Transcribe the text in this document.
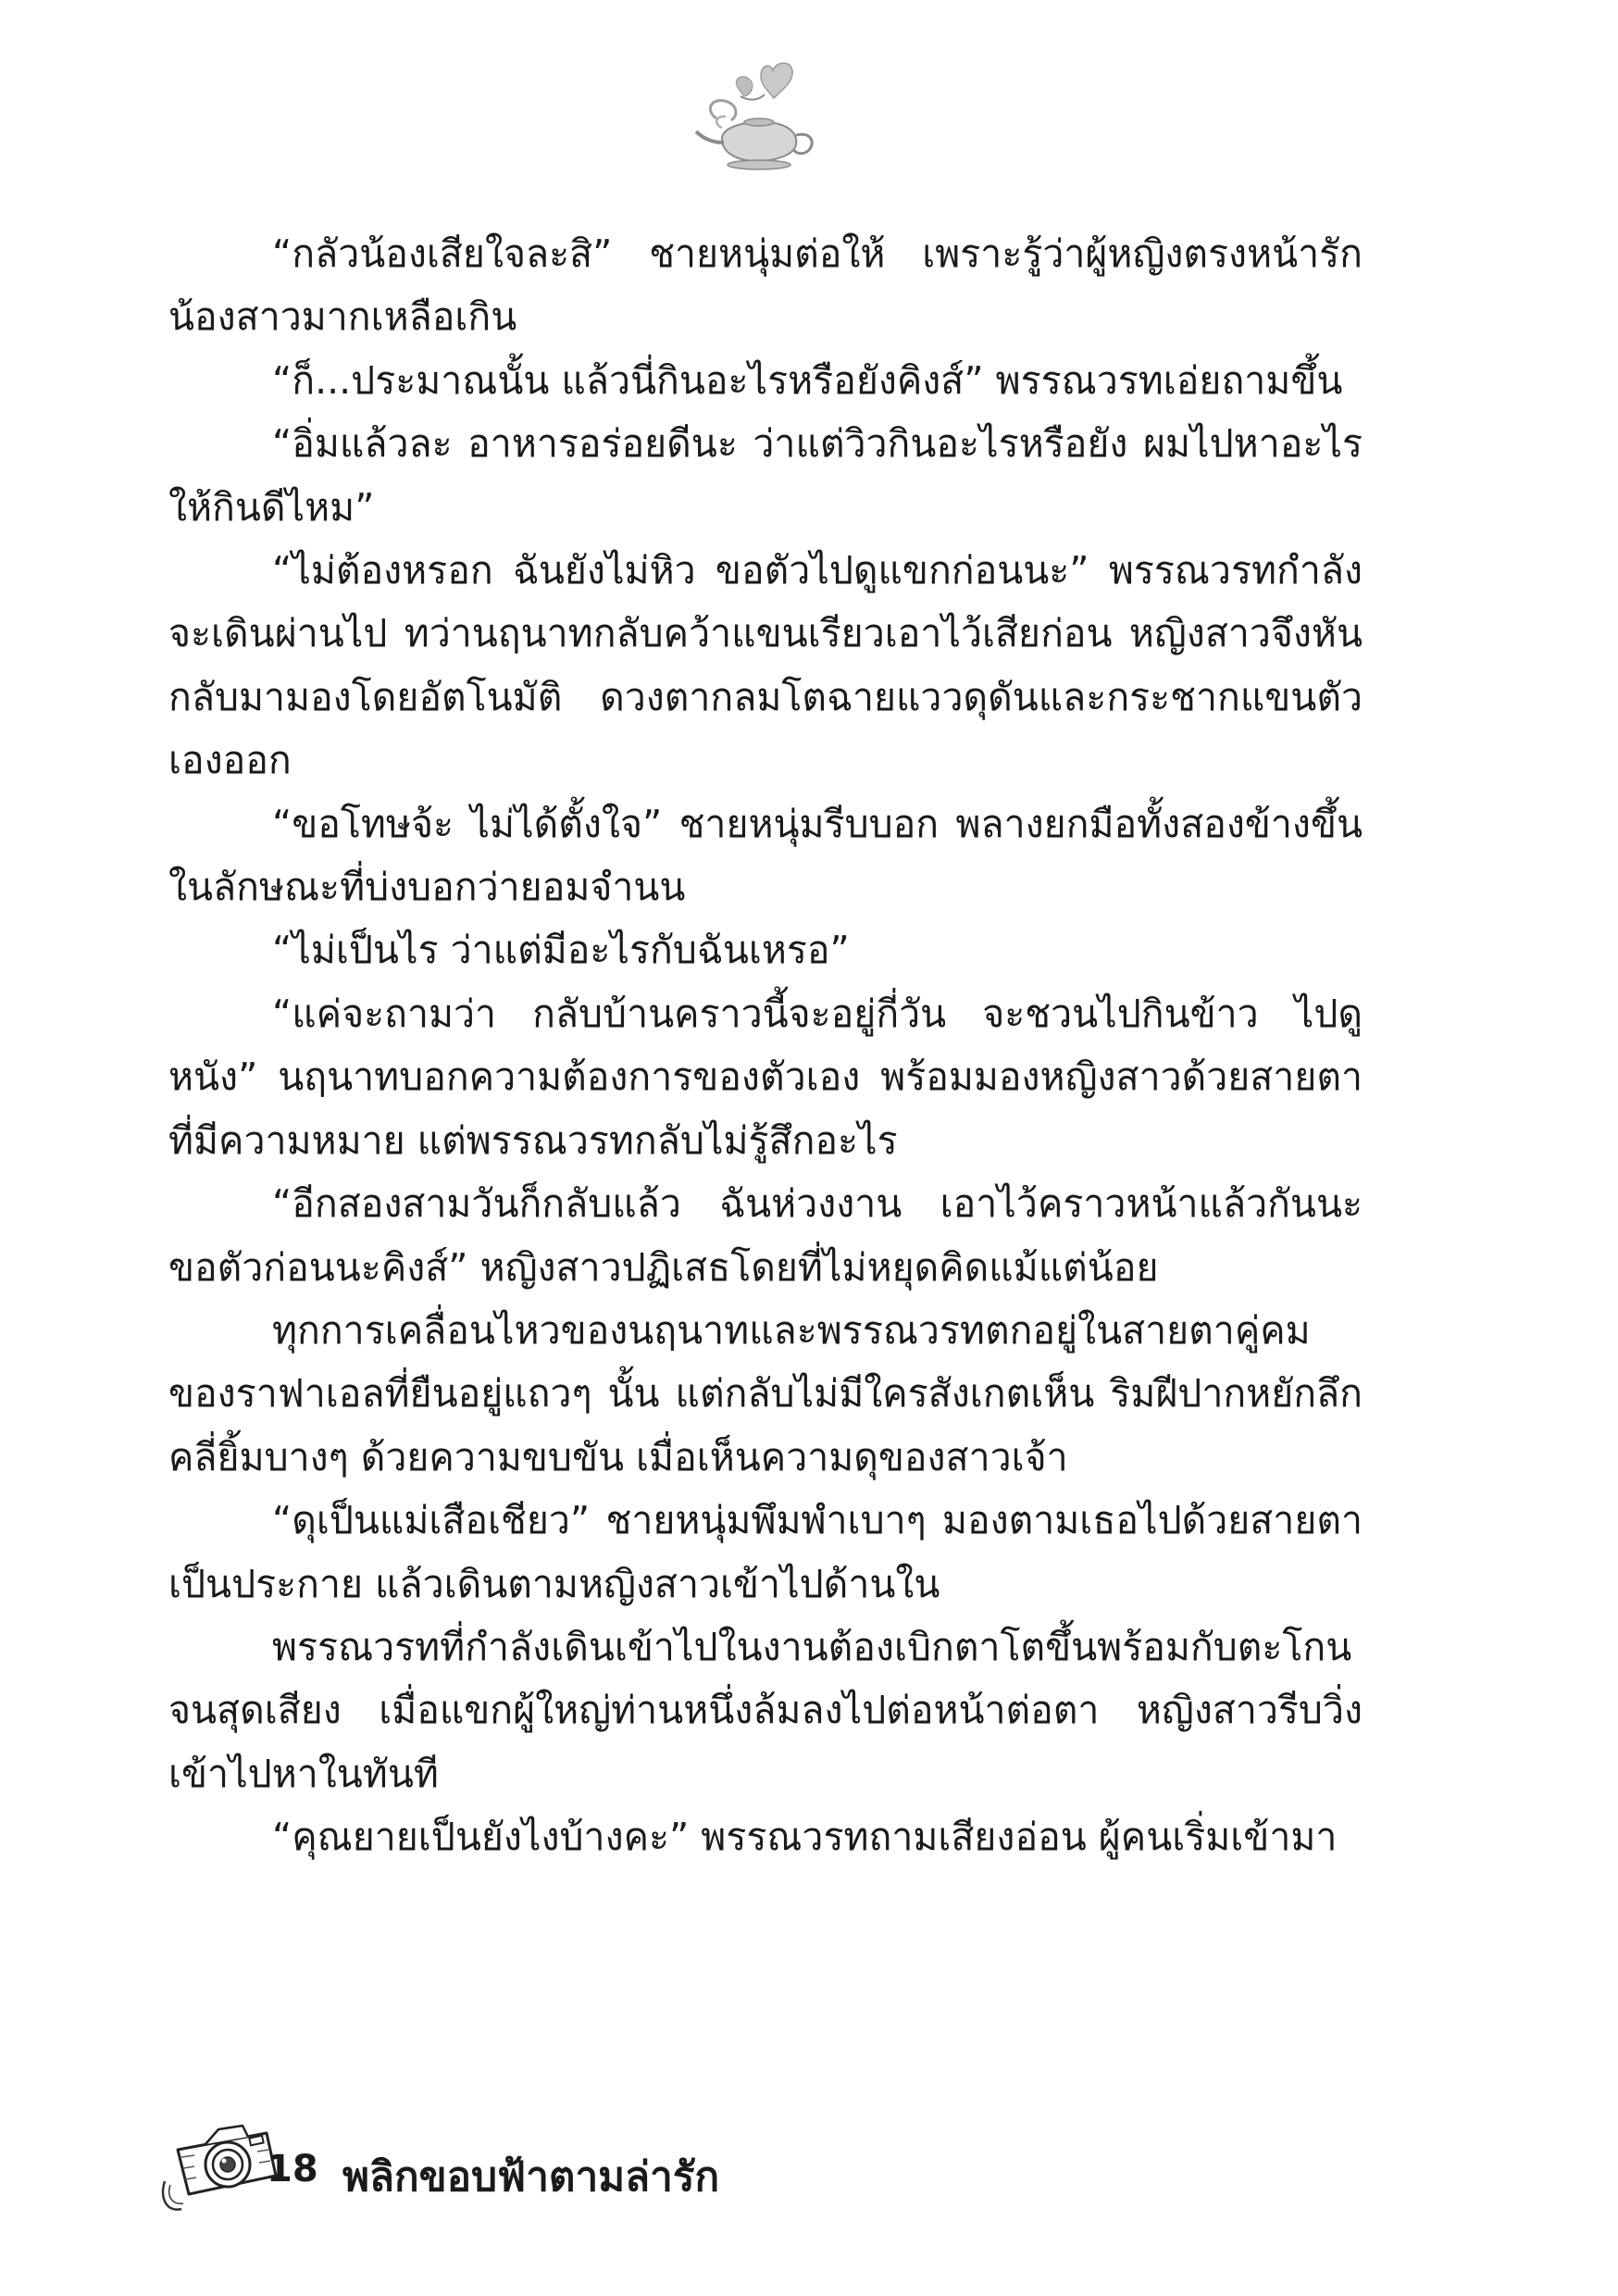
“กลัวน้องเสียใจละสิ” ชายหนุ่มต่อให้ เพราะรู้ว่าผู้หญิงตรงหน้ารักน้องสาวมากเหลือเกิน

“ก็...ประมาณนั้น แล้วนี่กินอะไรหรือยังคิงส์” พรรณวรทเอ่ยถามขึ้น

“อิ่มแล้วละ อาหารอร่อยดีนะ ว่าแต่วิวกินอะไรหรือยัง ผมไปหาอะไรให้กินดีไหม”

“ไม่ต้องหรอก ฉันยังไม่หิว ขอตัวไปดูแขกก่อนนะ” พรรณวรทกำลังจะเดินผ่านไป ทว่านฤนาทกลับคว้าแขนเรียวเอาไว้เสียก่อน หญิงสาวจึงหันกลับมามองโดยอัตโนมัติ ดวงตากลมโตฉายแววดุดันและกระชากแขนตัวเองออก

“ขอโทษจ้ะ ไม่ได้ตั้งใจ” ชายหนุ่มรีบบอก พลางยกมือทั้งสองข้างขึ้นในลักษณะที่บ่งบอกว่ายอมจำนน

“ไม่เป็นไร ว่าแต่มีอะไรกับฉันเหรอ”

“แค่จะถามว่า กลับบ้านคราวนี้จะอยู่กี่วัน จะชวนไปกินข้าว ไปดูหนัง” นฤนาทบอกความต้องการของตัวเอง พร้อมมองหญิงสาวด้วยสายตาที่มีความหมาย แต่พรรณวรทกลับไม่รู้สึกอะไร

“อีกสองสามวันก็กลับแล้ว ฉันห่วงงาน เอาไว้คราวหน้าแล้วกันนะขอตัวก่อนนะคิงส์” หญิงสาวปฏิเสธโดยที่ไม่หยุดคิดแม้แต่น้อย

ทุกการเคลื่อนไหวของนฤนาทและพรรณวรทตกอยู่ในสายตาคู่คมของราฟาเอลที่ยืนอยู่แถวๆ นั้น แต่กลับไม่มีใครสังเกตเห็น ริมฝีปากหยักลึกคลี่ยิ้มบางๆ ด้วยความขบขัน เมื่อเห็นความดุของสาวเจ้า

“ดุเป็นแม่เสือเชียว” ชายหนุ่มพึมพำเบาๆ มองตามเธอไปด้วยสายตาเป็นประกาย แล้วเดินตามหญิงสาวเข้าไปด้านใน

พรรณวรทที่กำลังเดินเข้าไปในงานต้องเบิกตาโตขึ้นพร้อมกับตะโกนจนสุดเสียง เมื่อแขกผู้ใหญ่ท่านหนึ่งล้มลงไปต่อหน้าต่อตา หญิงสาวรีบวิ่งเข้าไปหาในทันที

“คุณยายเป็นยังไงบ้างคะ” พรรณวรทถามเสียงอ่อน ผู้คนเริ่มเข้ามา

18 พลิกขอบฟ้าตามล่ารัก
